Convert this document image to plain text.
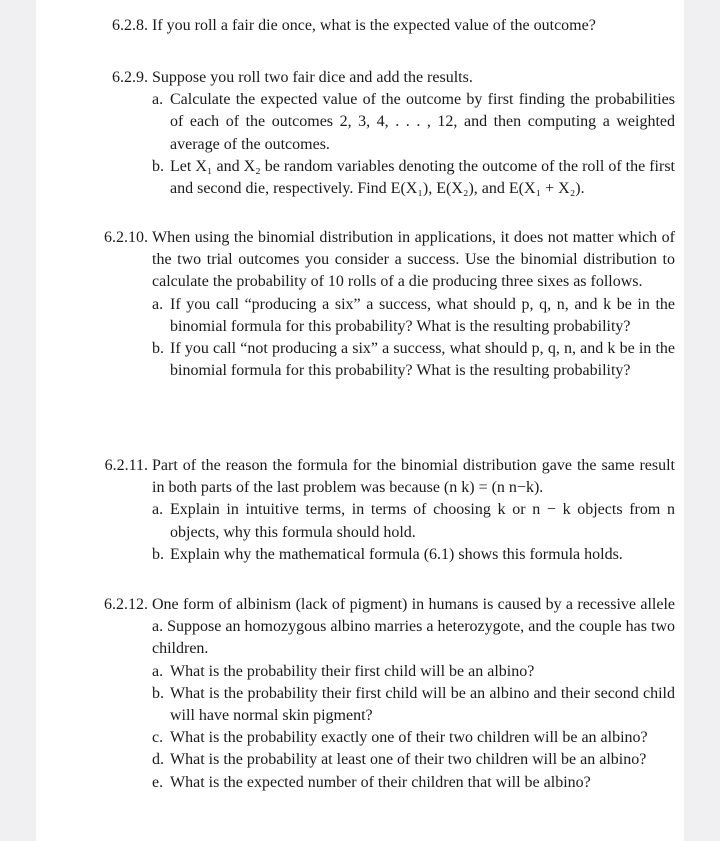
6.2.8. If you roll a fair die once, what is the expected value of the outcome?
6.2.9. Suppose you roll two fair dice and add the results.
a. Calculate the expected value of the outcome by first finding the probabilities of each of the outcomes 2, 3, 4, . . . , 12, and then computing a weighted average of the outcomes.
b. Let X₁ and X₂ be random variables denoting the outcome of the roll of the first and second die, respectively. Find E(X₁), E(X₂), and E(X₁ + X₂).
6.2.10. When using the binomial distribution in applications, it does not matter which of the two trial outcomes you consider a success. Use the binomial distribution to calculate the probability of 10 rolls of a die producing three sixes as follows.
a. If you call “producing a six” a success, what should p, q, n, and k be in the binomial formula for this probability? What is the resulting probability?
b. If you call “not producing a six” a success, what should p, q, n, and k be in the binomial formula for this probability? What is the resulting probability?
6.2.11. Part of the reason the formula for the binomial distribution gave the same result in both parts of the last problem was because (n k) = (n n−k).
a. Explain in intuitive terms, in terms of choosing k or n − k objects from n objects, why this formula should hold.
b. Explain why the mathematical formula (6.1) shows this formula holds.
6.2.12. One form of albinism (lack of pigment) in humans is caused by a recessive allele a. Suppose an homozygous albino marries a heterozygote, and the couple has two children.
a. What is the probability their first child will be an albino?
b. What is the probability their first child will be an albino and their second child will have normal skin pigment?
c. What is the probability exactly one of their two children will be an albino?
d. What is the probability at least one of their two children will be an albino?
e. What is the expected number of their children that will be albino?
